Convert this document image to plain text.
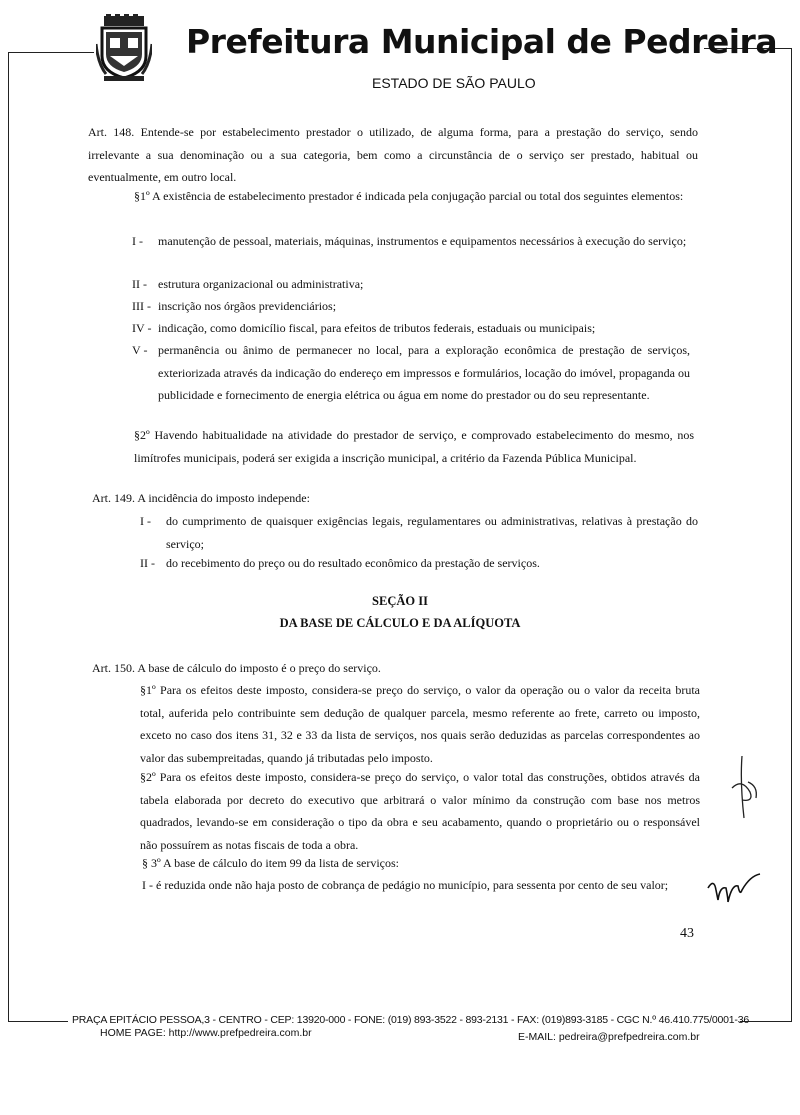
Prefeitura Municipal de Pedreira
ESTADO DE SÃO PAULO

Art. 148. Entende-se por estabelecimento prestador o utilizado, de alguma forma, para a prestação do serviço, sendo irrelevante a sua denominação ou a sua categoria, bem como a circunstância de o serviço ser prestado, habitual ou eventualmente, em outro local.

§1º A existência de estabelecimento prestador é indicada pela conjugação parcial ou total dos seguintes elementos:

I - manutenção de pessoal, materiais, máquinas, instrumentos e equipamentos necessários à execução do serviço;
II - estrutura organizacional ou administrativa;
III - inscrição nos órgãos previdenciários;
IV - indicação, como domicílio fiscal, para efeitos de tributos federais, estaduais ou municipais;
V - permanência ou ânimo de permanecer no local, para a exploração econômica de prestação de serviços, exteriorizada através da indicação do endereço em impressos e formulários, locação do imóvel, propaganda ou publicidade e fornecimento de energia elétrica ou água em nome do prestador ou do seu representante.

§2º Havendo habitualidade na atividade do prestador de serviço, e comprovado estabelecimento do mesmo, nos limítrofes municipais, poderá ser exigida a inscrição municipal, a critério da Fazenda Pública Municipal.

Art. 149. A incidência do imposto independe:

I - do cumprimento de quaisquer exigências legais, regulamentares ou administrativas, relativas à prestação do serviço;
II - do recebimento do preço ou do resultado econômico da prestação de serviços.
SEÇÃO II
DA BASE DE CÁLCULO E DA ALÍQUOTA

Art. 150. A base de cálculo do imposto é o preço do serviço.

§1º Para os efeitos deste imposto, considera-se preço do serviço, o valor da operação ou o valor da receita bruta total, auferida pelo contribuinte sem dedução de qualquer parcela, mesmo referente ao frete, carreto ou imposto, exceto no caso dos itens 31, 32 e 33 da lista de serviços, nos quais serão deduzidas as parcelas correspondentes ao valor das subempreitadas, quando já tributadas pelo imposto.

§2º Para os efeitos deste imposto, considera-se preço do serviço, o valor total das construções, obtidos através da tabela elaborada por decreto do executivo que arbitrará o valor mínimo da construção com base nos metros quadrados, levando-se em consideração o tipo da obra e seu acabamento, quando o proprietário ou o responsável não possuírem as notas fiscais de toda a obra.

§ 3º A base de cálculo do item 99 da lista de serviços:

I - é reduzida onde não haja posto de cobrança de pedágio no município, para sessenta por cento de seu valor;

43
PRAÇA EPITÁCIO PESSOA,3 - CENTRO - CEP: 13920-000 - FONE: (019) 893-3522 - 893-2131 - FAX: (019)893-3185 - CGC N.º 46.410.775/0001-36
HOME PAGE: http://www.prefpedreira.com.br	E-MAIL: pedreira@prefpedreira.com.br
